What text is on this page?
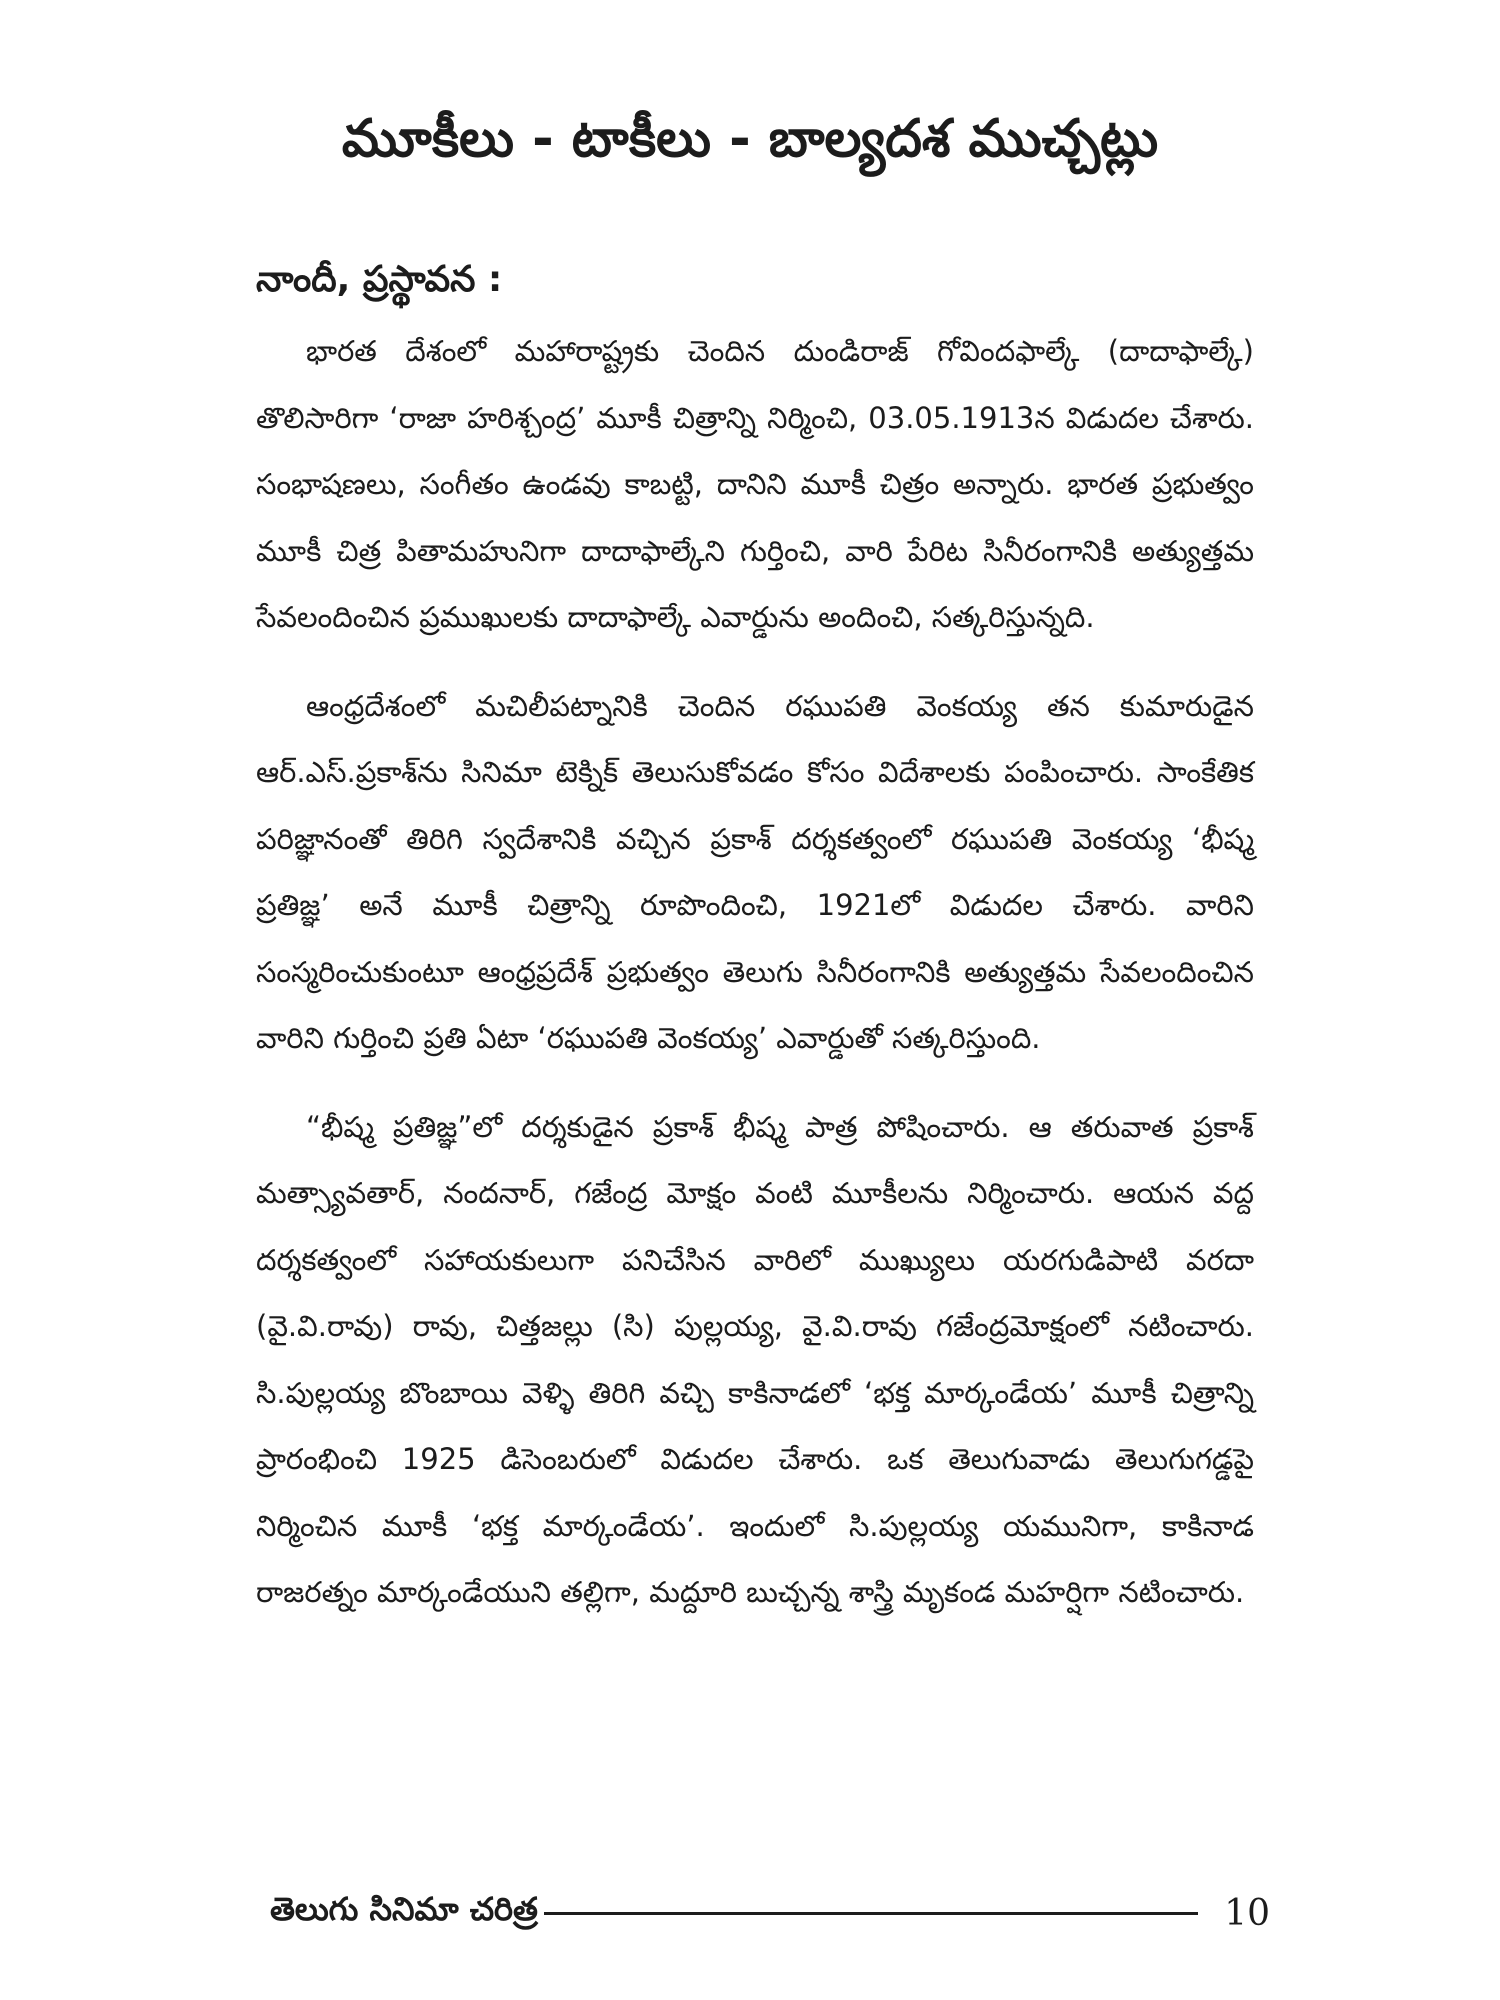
మూకీలు - టాకీలు - బాల్యదశ ముచ్చట్లు
నాందీ, ప్రస్థావన :

భారత దేశంలో మహారాష్ట్రకు చెందిన దుండిరాజ్ గోవిందఫాల్కే (దాదాఫాల్కే) తొలిసారిగా ‘రాజా హరిశ్చంద్ర’ మూకీ చిత్రాన్ని నిర్మించి, 03.05.1913న విడుదల చేశారు. సంభాషణలు, సంగీతం ఉండవు కాబట్టి, దానిని మూకీ చిత్రం అన్నారు. భారత ప్రభుత్వం మూకీ చిత్ర పితామహునిగా దాదాఫాల్కేని గుర్తించి, వారి పేరిట సినీరంగానికి అత్యుత్తమ సేవలందించిన ప్రముఖులకు దాదాఫాల్కే ఎవార్డును అందించి, సత్కరిస్తున్నది.

ఆంధ్రదేశంలో మచిలీపట్నానికి చెందిన రఘుపతి వెంకయ్య తన కుమారుడైన ఆర్.ఎస్.ప్రకాశ్‌ను సినిమా టెక్నిక్ తెలుసుకోవడం కోసం విదేశాలకు పంపించారు. సాంకేతిక పరిజ్ఞానంతో తిరిగి స్వదేశానికి వచ్చిన ప్రకాశ్ దర్శకత్వంలో రఘుపతి వెంకయ్య ‘భీష్మ ప్రతిజ్ఞ’ అనే మూకీ చిత్రాన్ని రూపొందించి, 1921లో విడుదల చేశారు. వారిని సంస్మరించుకుంటూ ఆంధ్రప్రదేశ్ ప్రభుత్వం తెలుగు సినీరంగానికి అత్యుత్తమ సేవలందించిన వారిని గుర్తించి ప్రతి ఏటా ‘రఘుపతి వెంకయ్య’ ఎవార్డుతో సత్కరిస్తుంది.

“భీష్మ ప్రతిజ్ఞ”లో దర్శకుడైన ప్రకాశ్ భీష్మ పాత్ర పోషించారు. ఆ తరువాత ప్రకాశ్ మత్స్యావతార్, నందనార్, గజేంద్ర మోక్షం వంటి మూకీలను నిర్మించారు. ఆయన వద్ద దర్శకత్వంలో సహాయకులుగా పనిచేసిన వారిలో ముఖ్యులు యరగుడిపాటి వరదా (వై.వి.రావు) రావు, చిత్తజల్లు (సి) పుల్లయ్య, వై.వి.రావు గజేంద్రమోక్షంలో నటించారు. సి.పుల్లయ్య బొంబాయి వెళ్ళి తిరిగి వచ్చి కాకినాడలో ‘భక్త మార్కండేయ’ మూకీ చిత్రాన్ని ప్రారంభించి 1925 డిసెంబరులో విడుదల చేశారు. ఒక తెలుగువాడు తెలుగుగడ్డపై నిర్మించిన మూకీ ‘భక్త మార్కండేయ’. ఇందులో సి.పుల్లయ్య యమునిగా, కాకినాడ రాజరత్నం మార్కండేయుని తల్లిగా, మద్దూరి బుచ్చన్న శాస్త్రి మృకండ మహర్షిగా నటించారు.

తెలుగు సినిమా చరిత్ర	10
